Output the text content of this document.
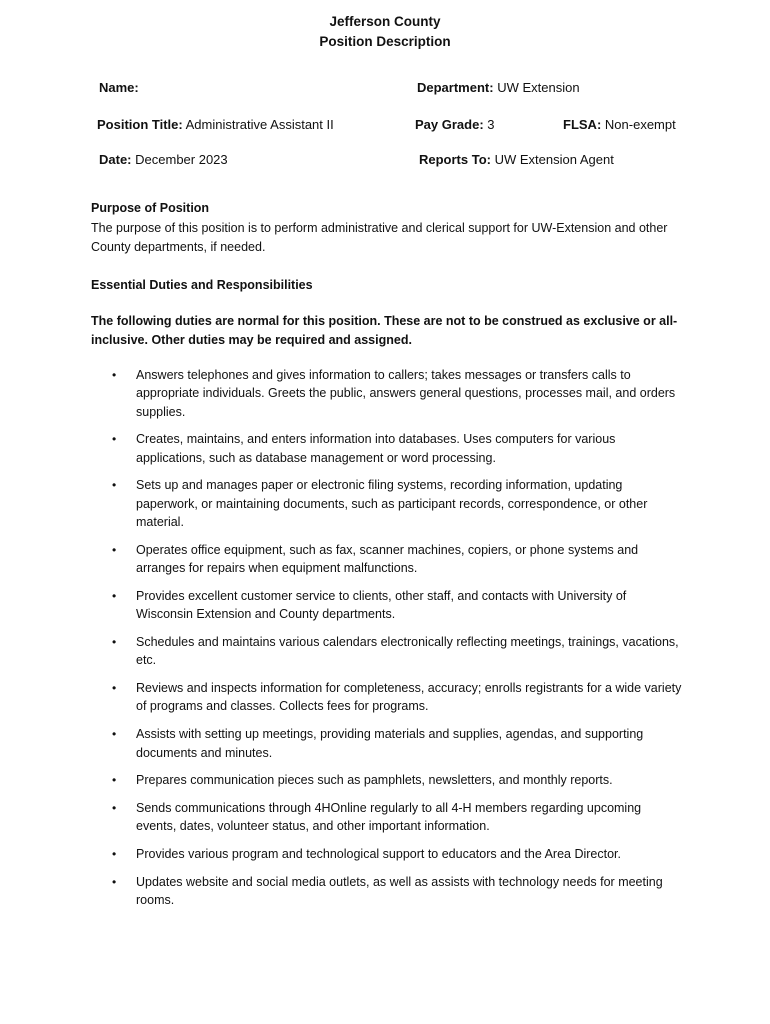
Jefferson County
Position Description
Name:	Department: UW Extension
Position Title: Administrative Assistant II	Pay Grade: 3	FLSA: Non-exempt
Date: December 2023	Reports To: UW Extension Agent
Purpose of Position
The purpose of this position is to perform administrative and clerical support for UW-Extension and other County departments, if needed.
Essential Duties and Responsibilities
The following duties are normal for this position. These are not to be construed as exclusive or all-inclusive. Other duties may be required and assigned.
• Answers telephones and gives information to callers; takes messages or transfers calls to appropriate individuals. Greets the public, answers general questions, processes mail, and orders supplies.
• Creates, maintains, and enters information into databases. Uses computers for various applications, such as database management or word processing.
• Sets up and manages paper or electronic filing systems, recording information, updating paperwork, or maintaining documents, such as participant records, correspondence, or other material.
• Operates office equipment, such as fax, scanner machines, copiers, or phone systems and arranges for repairs when equipment malfunctions.
• Provides excellent customer service to clients, other staff, and contacts with University of Wisconsin Extension and County departments.
• Schedules and maintains various calendars electronically reflecting meetings, trainings, vacations, etc.
• Reviews and inspects information for completeness, accuracy; enrolls registrants for a wide variety of programs and classes. Collects fees for programs.
• Assists with setting up meetings, providing materials and supplies, agendas, and supporting documents and minutes.
• Prepares communication pieces such as pamphlets, newsletters, and monthly reports.
• Sends communications through 4HOnline regularly to all 4-H members regarding upcoming events, dates, volunteer status, and other important information.
• Provides various program and technological support to educators and the Area Director.
• Updates website and social media outlets, as well as assists with technology needs for meeting rooms.
